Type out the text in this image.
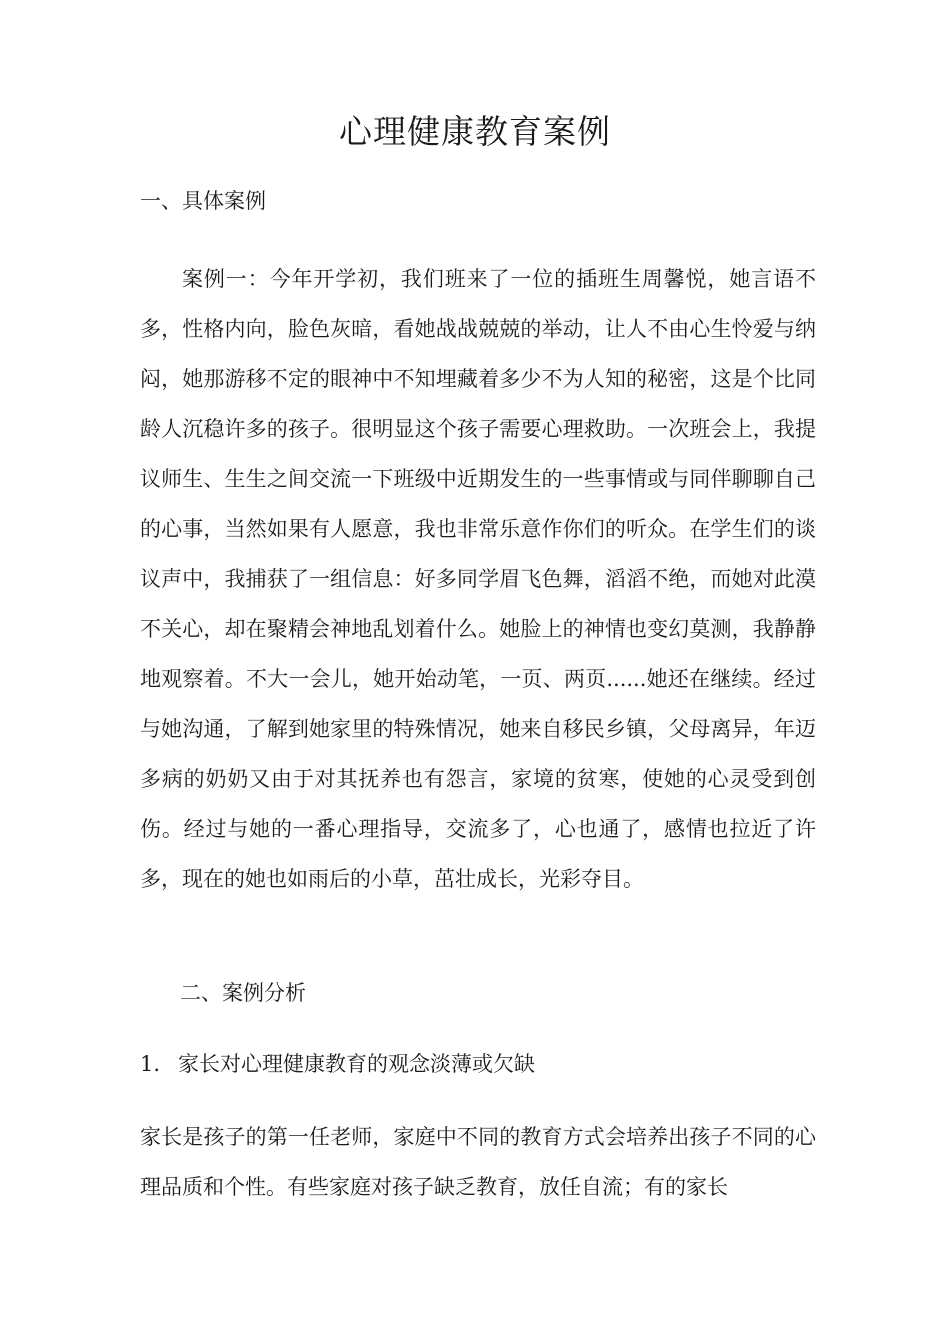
心理健康教育案例
一、具体案例

案例一：今年开学初，我们班来了一位的插班生周馨悦，她言语不多，性格内向，脸色灰暗，看她战战兢兢的举动，让人不由心生怜爱与纳闷，她那游移不定的眼神中不知埋藏着多少不为人知的秘密，这是个比同龄人沉稳许多的孩子。很明显这个孩子需要心理救助。一次班会上，我提议师生、生生之间交流一下班级中近期发生的一些事情或与同伴聊聊自己的心事，当然如果有人愿意，我也非常乐意作你们的听众。在学生们的谈议声中，我捕获了一组信息：好多同学眉飞色舞，滔滔不绝，而她对此漠不关心，却在聚精会神地乱划着什么。她脸上的神情也变幻莫测，我静静地观察着。不大一会儿，她开始动笔，一页、两页......她还在继续。经过与她沟通，了解到她家里的特殊情况，她来自移民乡镇，父母离异，年迈多病的奶奶又由于对其抚养也有怨言，家境的贫寒，使她的心灵受到创伤。经过与她的一番心理指导，交流多了，心也通了，感情也拉近了许多，现在的她也如雨后的小草，茁壮成长，光彩夺目。

二、案例分析
1. 家长对心理健康教育的观念淡薄或欠缺

家长是孩子的第一任老师，家庭中不同的教育方式会培养出孩子不同的心理品质和个性。有些家庭对孩子缺乏教育，放任自流；有的家长
